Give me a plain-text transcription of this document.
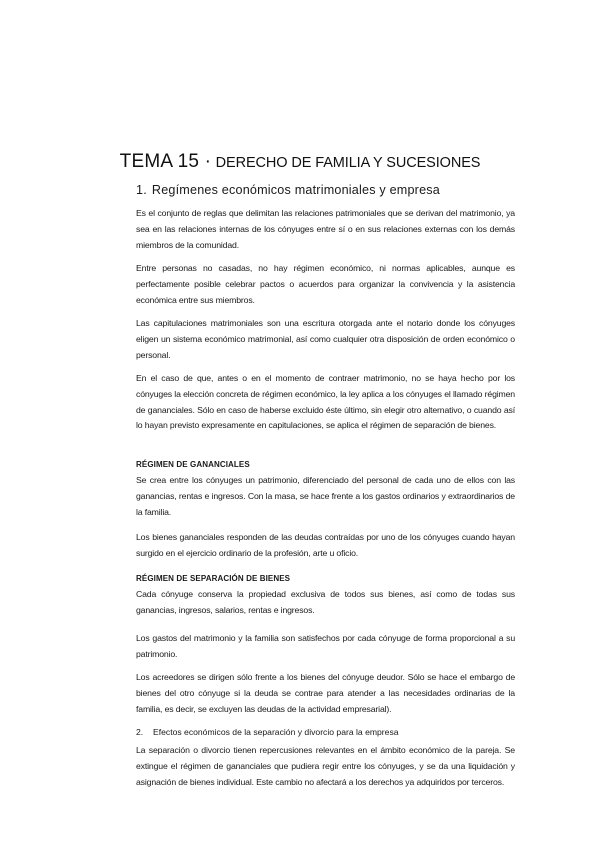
TEMA 15 · DERECHO DE FAMILIA Y SUCESIONES
1. Regímenes económicos matrimoniales y empresa
Es el conjunto de reglas que delimitan las relaciones patrimoniales que se derivan del matrimonio, ya sea en las relaciones internas de los cónyuges entre sí o en sus relaciones externas con los demás miembros de la comunidad.
Entre personas no casadas, no hay régimen económico, ni normas aplicables, aunque es perfectamente posible celebrar pactos o acuerdos para organizar la convivencia y la asistencia económica entre sus miembros.
Las capitulaciones matrimoniales son una escritura otorgada ante el notario donde los cónyuges eligen un sistema económico matrimonial, así como cualquier otra disposición de orden económico o personal.
En el caso de que, antes o en el momento de contraer matrimonio, no se haya hecho por los cónyuges la elección concreta de régimen económico, la ley aplica a los cónyuges el llamado régimen de gananciales. Sólo en caso de haberse excluido éste último, sin elegir otro alternativo, o cuando así lo hayan previsto expresamente en capitulaciones, se aplica el régimen de separación de bienes.
RÉGIMEN DE GANANCIALES
Se crea entre los cónyuges un patrimonio, diferenciado del personal de cada uno de ellos con las ganancias, rentas e ingresos. Con la masa, se hace frente a los gastos ordinarios y extraordinarios de la familia.
Los bienes gananciales responden de las deudas contraídas por uno de los cónyuges cuando hayan surgido en el ejercicio ordinario de la profesión, arte u oficio.
RÉGIMEN DE SEPARACIÓN DE BIENES
Cada cónyuge conserva la propiedad exclusiva de todos sus bienes, así como de todas sus ganancias, ingresos, salarios, rentas e ingresos.
Los gastos del matrimonio y la familia son satisfechos por cada cónyuge de forma proporcional a su patrimonio.
Los acreedores se dirigen sólo frente a los bienes del cónyuge deudor. Sólo se hace el embargo de bienes del otro cónyuge si la deuda se contrae para atender a las necesidades ordinarias de la familia, es decir, se excluyen las deudas de la actividad empresarial).
2. Efectos económicos de la separación y divorcio para la empresa
La separación o divorcio tienen repercusiones relevantes en el ámbito económico de la pareja. Se extingue el régimen de gananciales que pudiera regir entre los cónyuges, y se da una liquidación y asignación de bienes individual. Este cambio no afectará a los derechos ya adquiridos por terceros.
